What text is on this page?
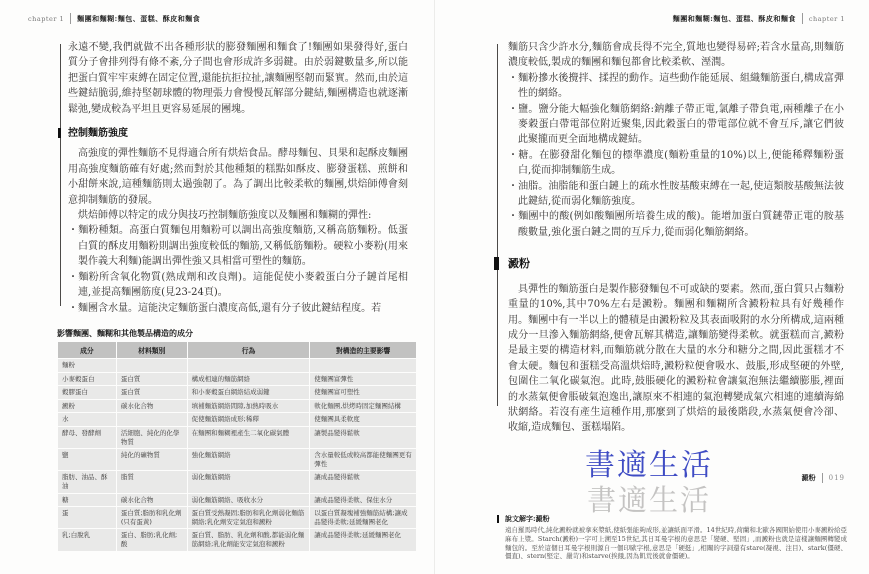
chapter 1 麵團和麵糊:麵包、蛋糕、酥皮和麵食

永遠不變,我們就做不出各種形狀的膨發麵團和麵食了!麵團如果發得好,蛋白質分子會排列得有條不紊,分子間也會形成許多弱鍵。由於弱鍵數量多,所以能把蛋白質牢牢束縛在固定位置,還能抗拒拉扯,讓麵團堅韌而緊實。然而,由於這些鍵結脆弱,維持堅韌球體的物理張力會慢慢瓦解部分鍵結,麵團構造也就逐漸鬆弛,變成較為平坦且更容易延展的團塊。

控制麵筋強度

高強度的彈性麵筋不見得適合所有烘焙食品。酵母麵包、貝果和起酥皮麵團用高強度麵筋確有好處;然而對於其他種類的糕點如酥皮、膨發蛋糕、煎餅和小甜餅來說,這種麵筋則太過強韌了。為了調出比較柔軟的麵團,烘焙師傅會刻意抑制麵筋的發展。

烘焙師傅以特定的成分與技巧控制麵筋強度以及麵團和麵糊的彈性:

・麵粉種類。高蛋白質麵包用麵粉可以調出高強度麵筋,又稱高筋麵粉。低蛋白質的酥皮用麵粉則調出強度較低的麵筋,又稱低筋麵粉。硬粒小麥粉(用來製作義大利麵)能調出彈性強又具相當可塑性的麵筋。
・麵粉所含氧化物質(熟成劑和改良劑)。這能促使小麥穀蛋白分子鏈首尾相連,並提高麵團筋度(見23-24頁)。
・麵團含水量。這能決定麵筋蛋白濃度高低,還有分子彼此鍵結程度。若
影響麵團、麵糊和其他製品構造的成分
成分	材料類別	行為	對構造的主要影響
麵粉			
小麥穀蛋白	蛋白質	構成相連的麵筋網絡	使麵團富彈性
穀膠蛋白	蛋白質	和小麥穀蛋白網絡結成弱鍵	使麵團富可塑性
澱粉	碳水化合物	填補麵筋網絡間隙,加熱時吸水	軟化麵團,烘烤時固定麵團結構
水		促使麵筋網絡成形;稀釋	使麵團具柔軟度
酵母、發酵劑	活細胞、純化的化學物質	在麵團和麵糊裡產生二氧化碳氣體	讓製品變得鬆軟
鹽	純化的礦物質	強化麵筋網絡	含水量較低或較高都能使麵團更有彈性
脂肪、油品、酥油	脂質	弱化麵筋網絡	讓成品變得鬆軟
糖	碳水化合物	弱化麵筋網絡、吸收水分	讓成品變得柔軟、保住水分
蛋	蛋白質;脂肪和乳化劑(只有蛋黃)	蛋白質受熱凝固;脂肪和乳化劑弱化麵筋網絡;乳化劑安定氣泡和澱粉	以蛋白質凝塊補強麵筋結構;讓成品變得柔軟;延緩麵團老化
乳;白脫乳	蛋白、脂肪;乳化劑;酸	蛋白質、脂肪、乳化劑和酸,都能弱化麵筋網絡;乳化劑能安定氣泡和澱粉	讓成品變得柔軟;延緩麵團老化
麵團和麵糊:麵包、蛋糕、酥皮和麵食 chapter 1

麵筋只含少許水分,麵筋會成長得不完全,質地也變得易碎;若含水量高,則麵筋濃度較低,製成的麵團和麵包都會比較柔軟、溼潤。

・麵粉摻水後攪拌、揉捏的動作。這些動作能延展、組織麵筋蛋白,構成富彈性的網絡。
・鹽。鹽分能大幅強化麵筋網絡:鈉離子帶正電,氯離子帶負電,兩種離子在小麥穀蛋白帶電部位附近聚集,因此穀蛋白的帶電部位就不會互斥,讓它們彼此聚攏而更全面地構成鍵結。
・糖。在膨發甜化麵包的標準濃度(麵粉重量的10%)以上,便能稀釋麵粉蛋白,從而抑制麵筋生成。
・油脂。油脂能和蛋白鏈上的疏水性胺基酸束縛在一起,使這類胺基酸無法彼此鍵結,從而弱化麵筋強度。
・麵團中的酸(例如酸麵團所培養生成的酸)。能增加蛋白質鏈帶正電的胺基酸數量,強化蛋白鏈之間的互斥力,從而弱化麵筋網絡。
澱粉

具彈性的麵筋蛋白是製作膨發麵包不可或缺的要素。然而,蛋白質只占麵粉重量的10%,其中70%左右是澱粉。麵團和麵糊所含澱粉粒具有好幾種作用。麵團中有一半以上的體積是由澱粉粒及其表面吸附的水分所構成,這兩種成分一旦滲入麵筋網絡,便會瓦解其構造,讓麵筋變得柔軟。就蛋糕而言,澱粉是最主要的構造材料,而麵筋就分散在大量的水分和糖分之間,因此蛋糕才不會太硬。麵包和蛋糕受高溫烘焙時,澱粉粒便會吸水、鼓脹,形成堅硬的外壁,包圍住二氧化碳氣泡。此時,鼓脹硬化的澱粉粒會讓氣泡無法繼續膨脹,裡面的水蒸氣便會脹破氣泡逸出,讓原來不相連的氣泡轉變成氣穴相連的連續海綿狀網絡。若沒有產生這種作用,那麼到了烘焙的最後階段,水蒸氣便會冷卻、收縮,造成麵包、蛋糕塌陷。

書適生活
書適生活
澱粉 019
說文解字:澱粉
遠自羅馬時代,純化澱粉就被拿來漿紙,使紙張能夠成形,並讓紙面平滑。14世紀時,荷蘭和北歐各國開始使用小麥澱粉給亞麻布上漿。Starch(澱粉)一字可上溯至15世紀,其日耳曼字根的意思是「變硬、堅固」,而澱粉也就是這樣讓麵團轉變成麵包的。至於這個日耳曼字根則源自一個印歐字根,意思是「硬挺」,相關的字詞還有stare(凝視、注目)、stark(僵硬、僵直)、stern(堅定、嚴苛)和starve(挨餓,因為飢荒後就會僵硬)。
